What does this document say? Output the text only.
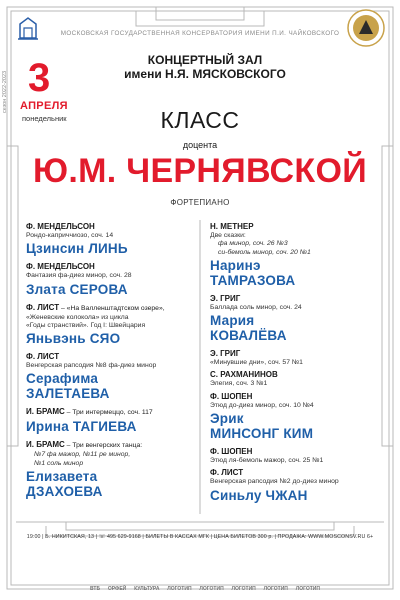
МОСКОВСКАЯ ГОСУДАРСТВЕННАЯ КОНСЕРВАТОРИЯ ИМЕНИ П.И. ЧАЙКОВСКОГО
сезон 2022-2023 3
АПРЕЛЯ
понедельник
КОНЦЕРТНЫЙ ЗАЛ
имени Н.Я. МЯСКОВСКОГО
КЛАСС
доцента
Ю.М. ЧЕРНЯВСКОЙ
ФОРТЕПИАНО
Ф. МЕНДЕЛЬСОН
Рондо-каприччиозо, соч. 14
Цзинсин ЛИНЬ
Ф. МЕНДЕЛЬСОН
Фантазия фа-диез минор, соч. 28
Злата СЕРОВА
Ф. ЛИСТ – «На Валленштадтском озере»,
«Женевские колокола» из цикла
«Годы странствий». Год I: Швейцария
Яньвэнь СЯО
Ф. ЛИСТ
Венгерская рапсодия №8 фа-диез минор
Серафима
ЗАЛЕТАЕВА
И. БРАМС – Три интермеццо, соч. 117
Ирина ТАГИЕВА
И. БРАМС – Три венгерских танца:
№7 фа мажор, №11 ре минор,
№1 соль минор
Елизавета
ДЗАХОЕВА
Н. МЕТНЕР
Две сказки:
фа минор, соч. 26 №3
си-бемоль минор, соч. 20 №1
Наринэ
ТАМРАЗОВА
Э. ГРИГ
Баллада соль минор, соч. 24
Мария
КОВАЛЁВА
Э. ГРИГ
«Минувшие дни», соч. 57 №1
С. РАХМАНИНОВ
Элегия, соч. 3 №1
Ф. ШОПЕН
Этюд до-диез минор, соч. 10 №4
Эрик
МИНСОНГ КИМ
Ф. ШОПЕН
Этюд ля-бемоль мажор, соч. 25 №1
Ф. ЛИСТ
Венгерская рапсодия №2 до-диез минор
Синьлу ЧЖАН
19:00 | Б. НИКИТСКАЯ, 13 | ☏ 495 629-9168 | БИЛЕТЫ В КАССАХ МГК | ЦЕНА БИЛЕТОВ 300 р. | ПРОДАЖА: WWW.MOSCONSV.RU 6+
ВТБ ОРФЕЙ КУЛЬТУРА ЛОГОТИП ЛОГОТИП ЛОГОТИП ЛОГОТИП ЛОГОТИП
